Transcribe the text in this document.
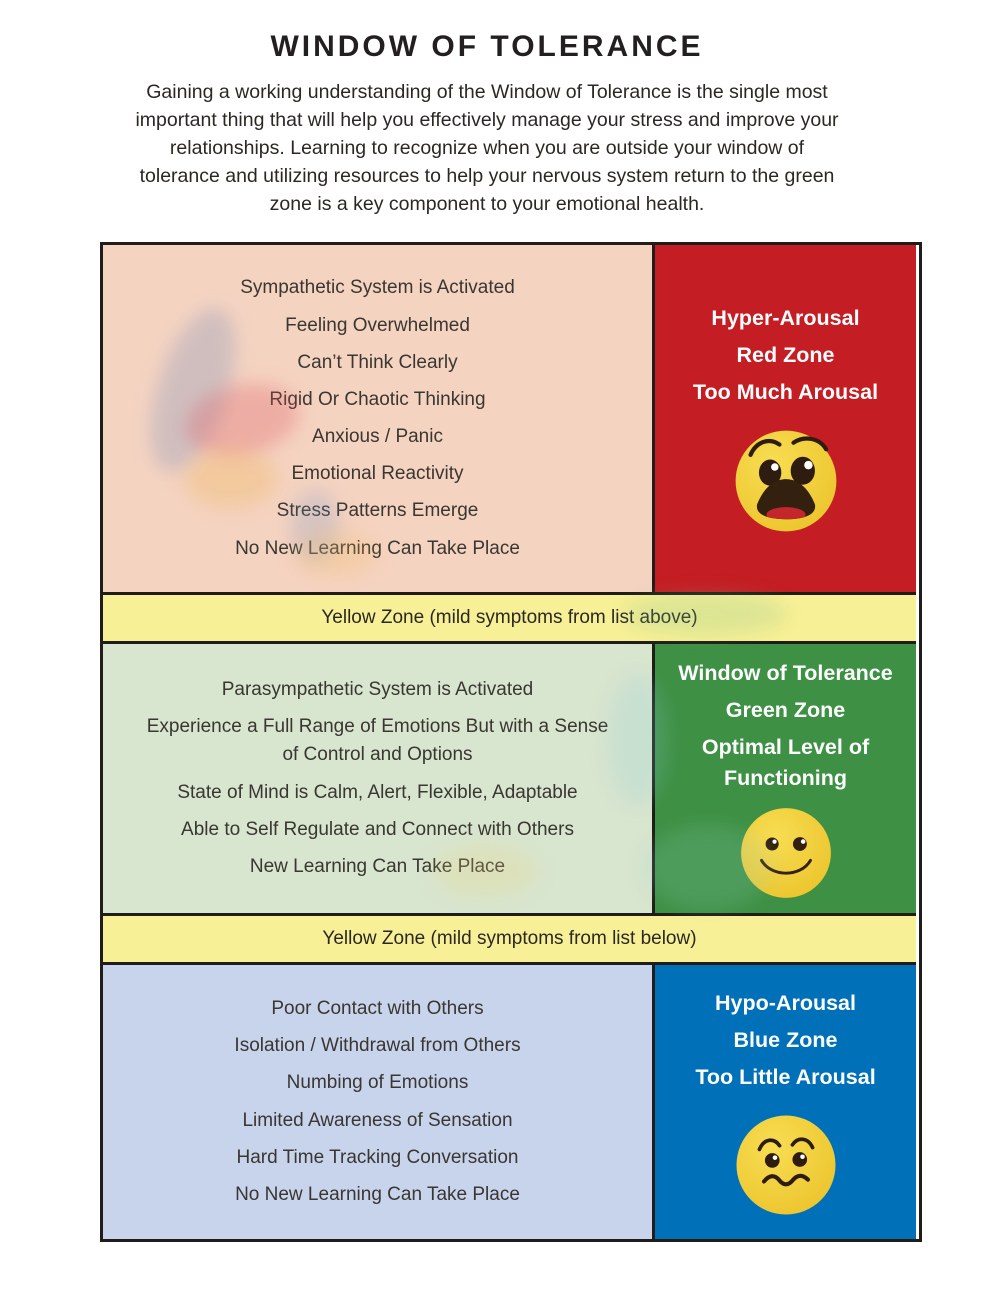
WINDOW OF TOLERANCE

Gaining a working understanding of the Window of Tolerance is the single most important thing that will help you effectively manage your stress and improve your relationships. Learning to recognize when you are outside your window of tolerance and utilizing resources to help your nervous system return to the green zone is a key component to your emotional health.

Sympathetic System is Activated
Feeling Overwhelmed
Can’t Think Clearly
Rigid Or Chaotic Thinking
Anxious / Panic
Emotional Reactivity
Stress Patterns Emerge
No New Learning Can Take Place
Hyper-Arousal
Red Zone
Too Much Arousal
Yellow Zone (mild symptoms from list above)
Parasympathetic System is Activated
Experience a Full Range of Emotions But with a Sense of Control and Options
State of Mind is Calm, Alert, Flexible, Adaptable
Able to Self Regulate and Connect with Others
New Learning Can Take Place
Window of Tolerance
Green Zone
Optimal Level of Functioning
Yellow Zone (mild symptoms from list below)
Poor Contact with Others
Isolation / Withdrawal from Others
Numbing of Emotions
Limited Awareness of Sensation
Hard Time Tracking Conversation
No New Learning Can Take Place
Hypo-Arousal
Blue Zone
Too Little Arousal
